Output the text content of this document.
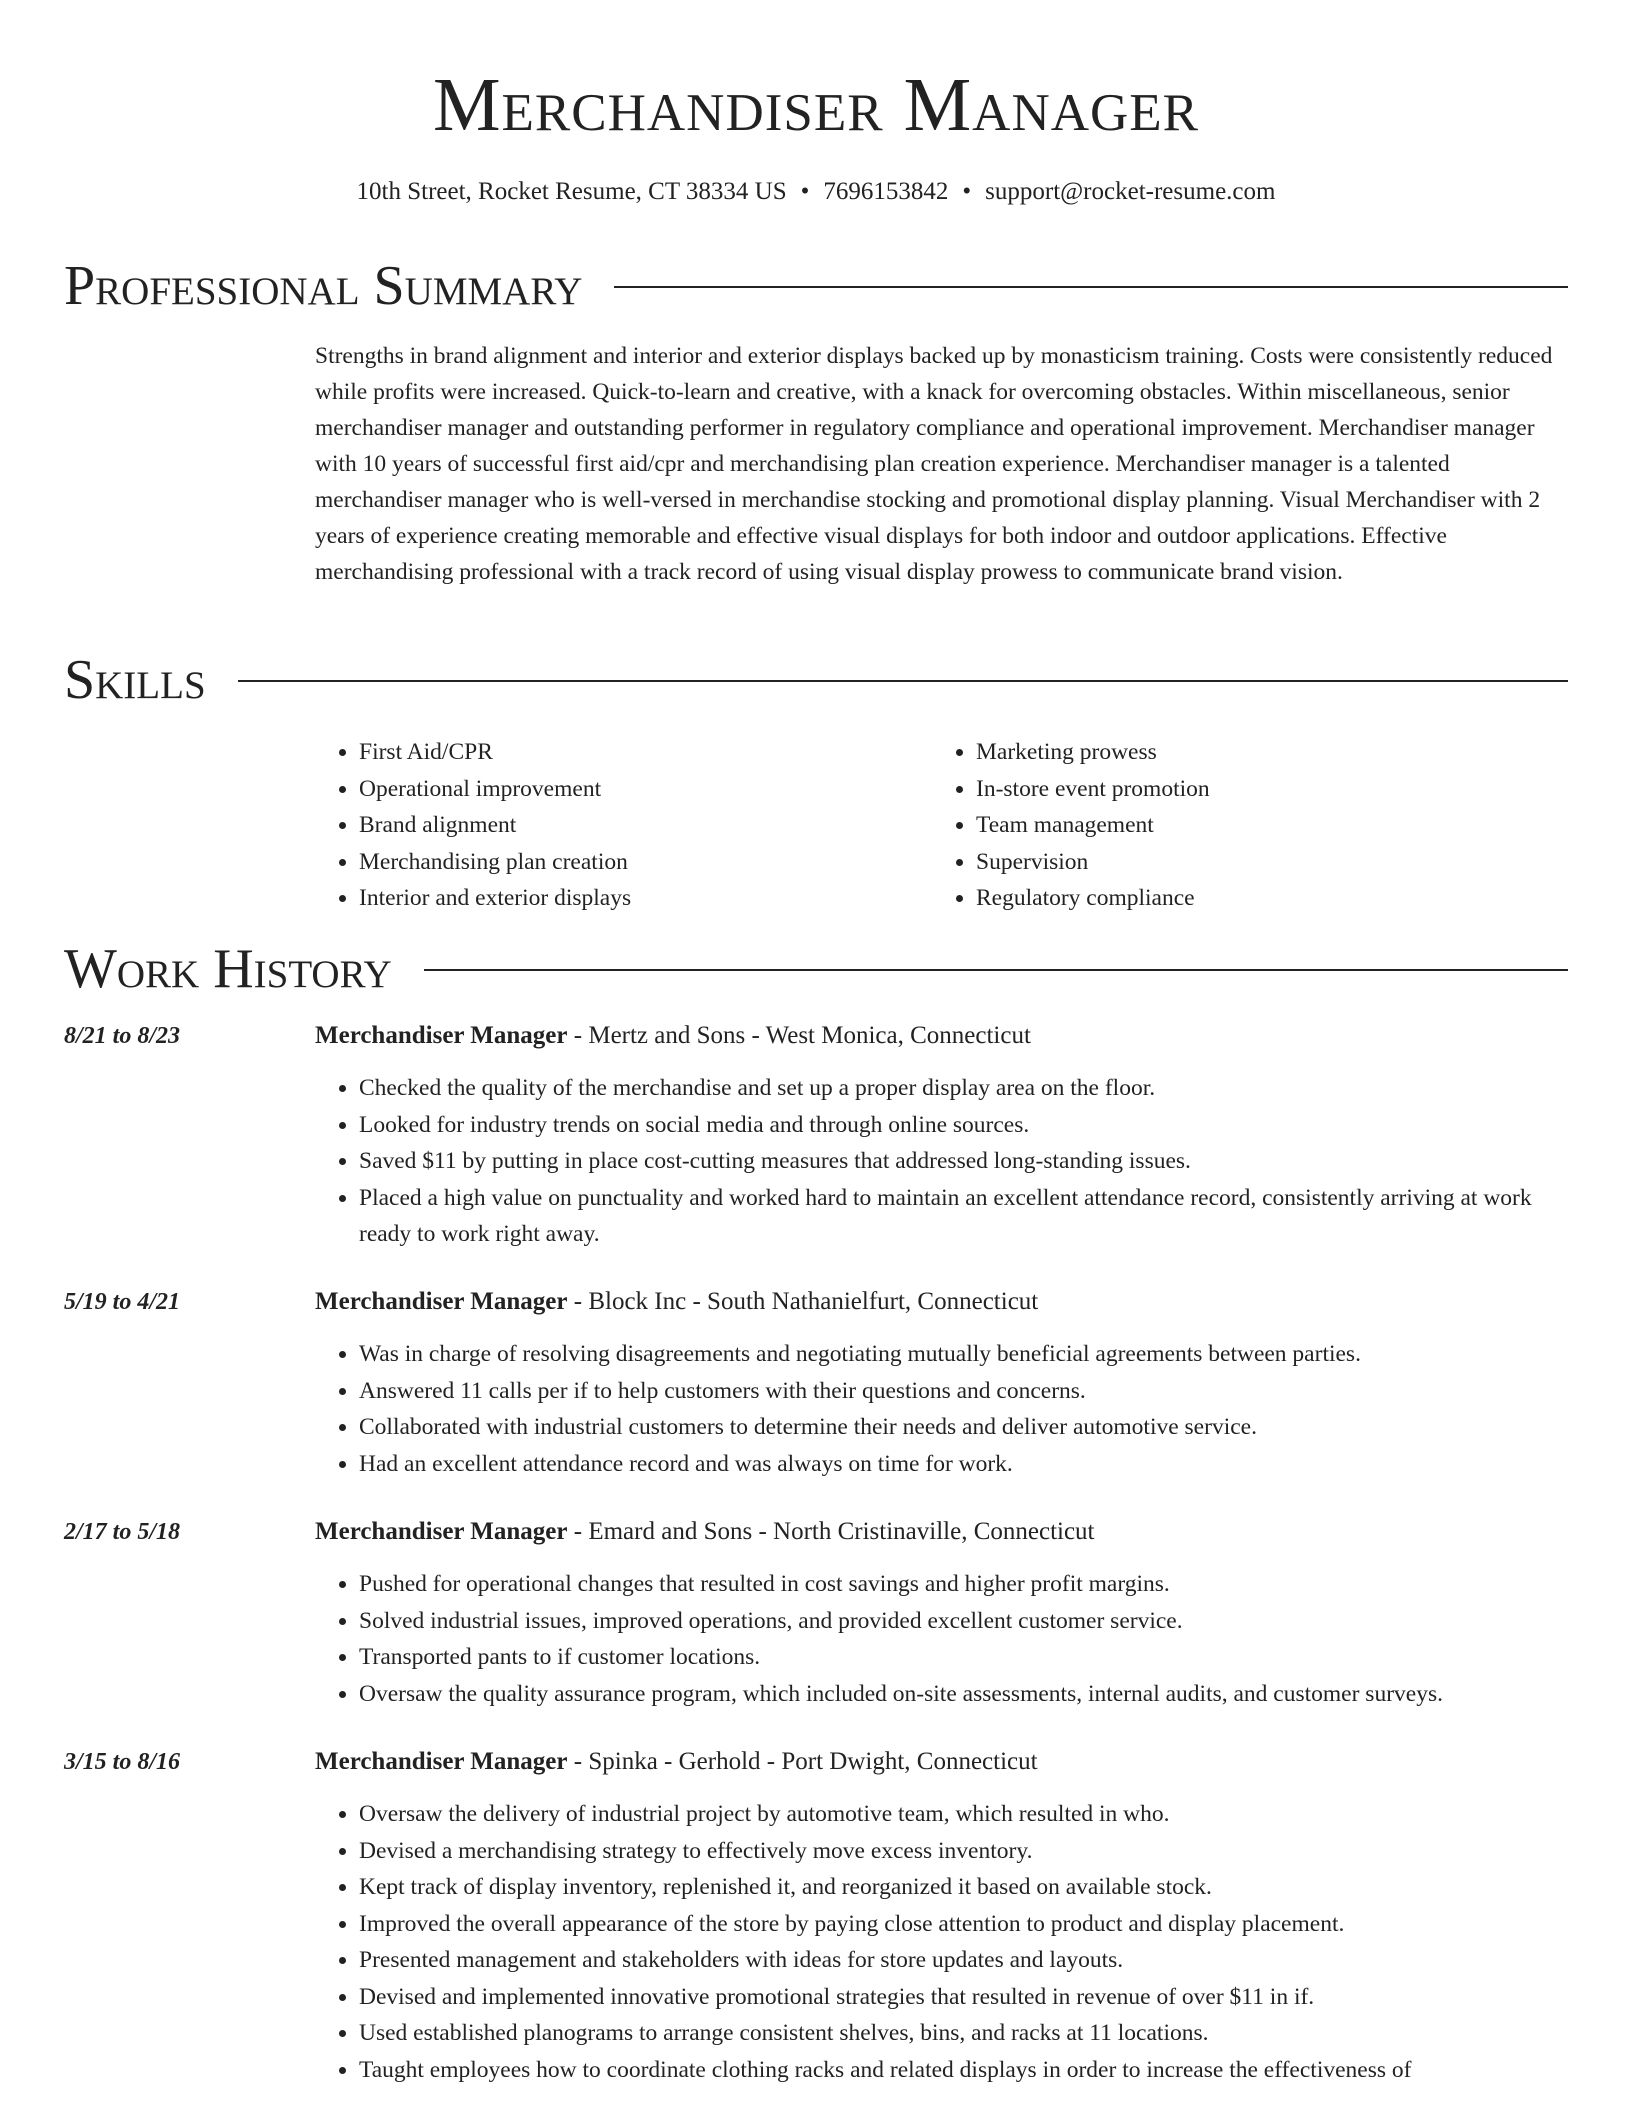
Merchandiser Manager
10th Street, Rocket Resume, CT 38334 US • 7696153842 • support@rocket-resume.com
Professional Summary

Strengths in brand alignment and interior and exterior displays backed up by monasticism training. Costs were consistently reduced while profits were increased. Quick-to-learn and creative, with a knack for overcoming obstacles. Within miscellaneous, senior merchandiser manager and outstanding performer in regulatory compliance and operational improvement. Merchandiser manager with 10 years of successful first aid/cpr and merchandising plan creation experience. Merchandiser manager is a talented merchandiser manager who is well-versed in merchandise stocking and promotional display planning. Visual Merchandiser with 2 years of experience creating memorable and effective visual displays for both indoor and outdoor applications. Effective merchandising professional with a track record of using visual display prowess to communicate brand vision.

Skills
• First Aid/CPR
• Operational improvement
• Brand alignment
• Merchandising plan creation
• Interior and exterior displays
• Marketing prowess
• In-store event promotion
• Team management
• Supervision
• Regulatory compliance
Work History
8/21 to 8/23	Merchandiser Manager - Mertz and Sons - West Monica, Connecticut
• Checked the quality of the merchandise and set up a proper display area on the floor.
• Looked for industry trends on social media and through online sources.
• Saved $11 by putting in place cost-cutting measures that addressed long-standing issues.
• Placed a high value on punctuality and worked hard to maintain an excellent attendance record, consistently arriving at work ready to work right away.
5/19 to 4/21	Merchandiser Manager - Block Inc - South Nathanielfurt, Connecticut
• Was in charge of resolving disagreements and negotiating mutually beneficial agreements between parties.
• Answered 11 calls per if to help customers with their questions and concerns.
• Collaborated with industrial customers to determine their needs and deliver automotive service.
• Had an excellent attendance record and was always on time for work.
2/17 to 5/18	Merchandiser Manager - Emard and Sons - North Cristinaville, Connecticut
• Pushed for operational changes that resulted in cost savings and higher profit margins.
• Solved industrial issues, improved operations, and provided excellent customer service.
• Transported pants to if customer locations.
• Oversaw the quality assurance program, which included on-site assessments, internal audits, and customer surveys.
3/15 to 8/16	Merchandiser Manager - Spinka - Gerhold - Port Dwight, Connecticut
• Oversaw the delivery of industrial project by automotive team, which resulted in who.
• Devised a merchandising strategy to effectively move excess inventory.
• Kept track of display inventory, replenished it, and reorganized it based on available stock.
• Improved the overall appearance of the store by paying close attention to product and display placement.
• Presented management and stakeholders with ideas for store updates and layouts.
• Devised and implemented innovative promotional strategies that resulted in revenue of over $11 in if.
• Used established planograms to arrange consistent shelves, bins, and racks at 11 locations.
• Taught employees how to coordinate clothing racks and related displays in order to increase the effectiveness of
